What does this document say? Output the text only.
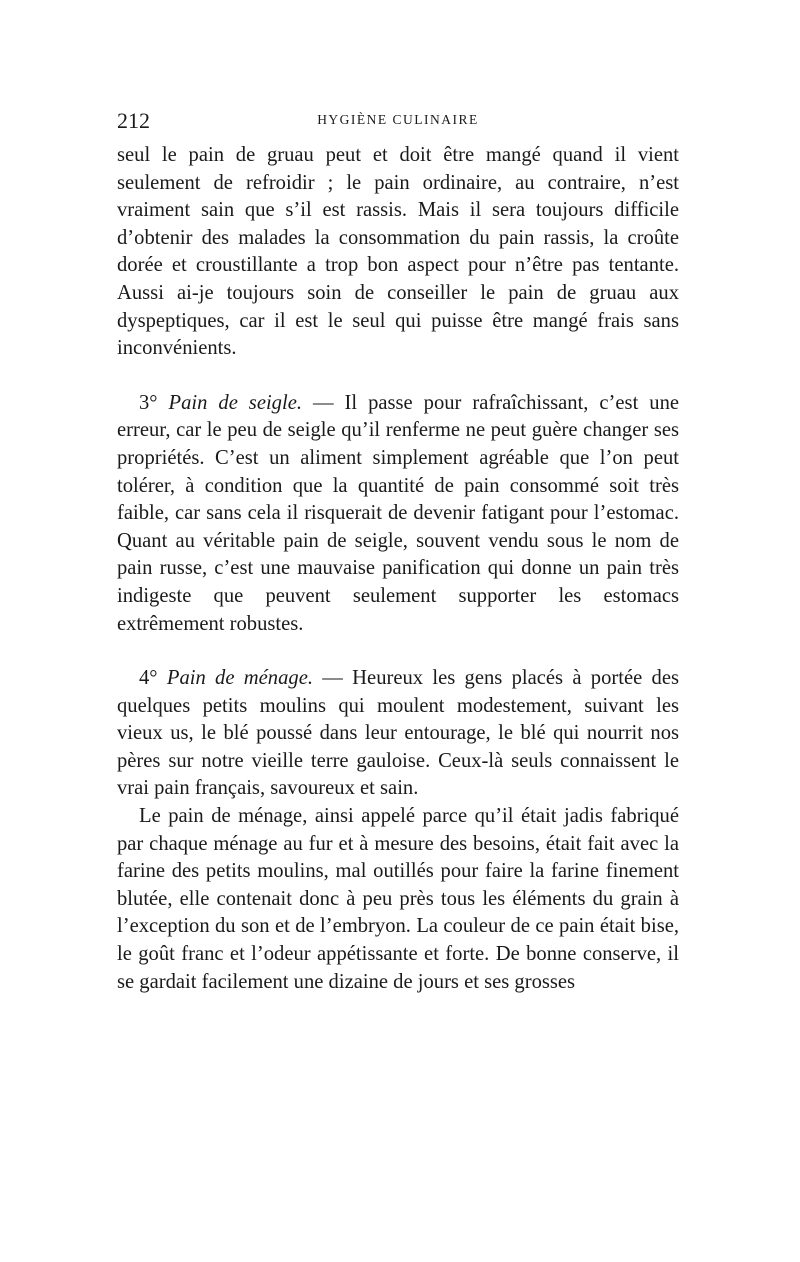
212	HYGIÈNE CULINAIRE

seul le pain de gruau peut et doit être mangé quand il vient seulement de refroidir ; le pain ordinaire, au contraire, n’est vraiment sain que s’il est rassis. Mais il sera toujours difficile d’obtenir des malades la consommation du pain rassis, la croûte dorée et croustillante a trop bon aspect pour n’être pas tentante. Aussi ai-je toujours soin de conseiller le pain de gruau aux dyspeptiques, car il est le seul qui puisse être mangé frais sans inconvénients.

3° Pain de seigle. — Il passe pour rafraîchissant, c’est une erreur, car le peu de seigle qu’il renferme ne peut guère changer ses propriétés. C’est un aliment simplement agréable que l’on peut tolérer, à condition que la quantité de pain consommé soit très faible, car sans cela il risquerait de devenir fatigant pour l’estomac. Quant au véritable pain de seigle, souvent vendu sous le nom de pain russe, c’est une mauvaise panification qui donne un pain très indigeste que peuvent seulement supporter les estomacs extrêmement robustes.

4° Pain de ménage. — Heureux les gens placés à portée des quelques petits moulins qui moulent modestement, suivant les vieux us, le blé poussé dans leur entourage, le blé qui nourrit nos pères sur notre vieille terre gauloise. Ceux-là seuls connaissent le vrai pain français, savoureux et sain.

Le pain de ménage, ainsi appelé parce qu’il était jadis fabriqué par chaque ménage au fur et à mesure des besoins, était fait avec la farine des petits moulins, mal outillés pour faire la farine finement blutée, elle contenait donc à peu près tous les éléments du grain à l’exception du son et de l’embryon. La couleur de ce pain était bise, le goût franc et l’odeur appétissante et forte. De bonne conserve, il se gardait facilement une dizaine de jours et ses grosses
